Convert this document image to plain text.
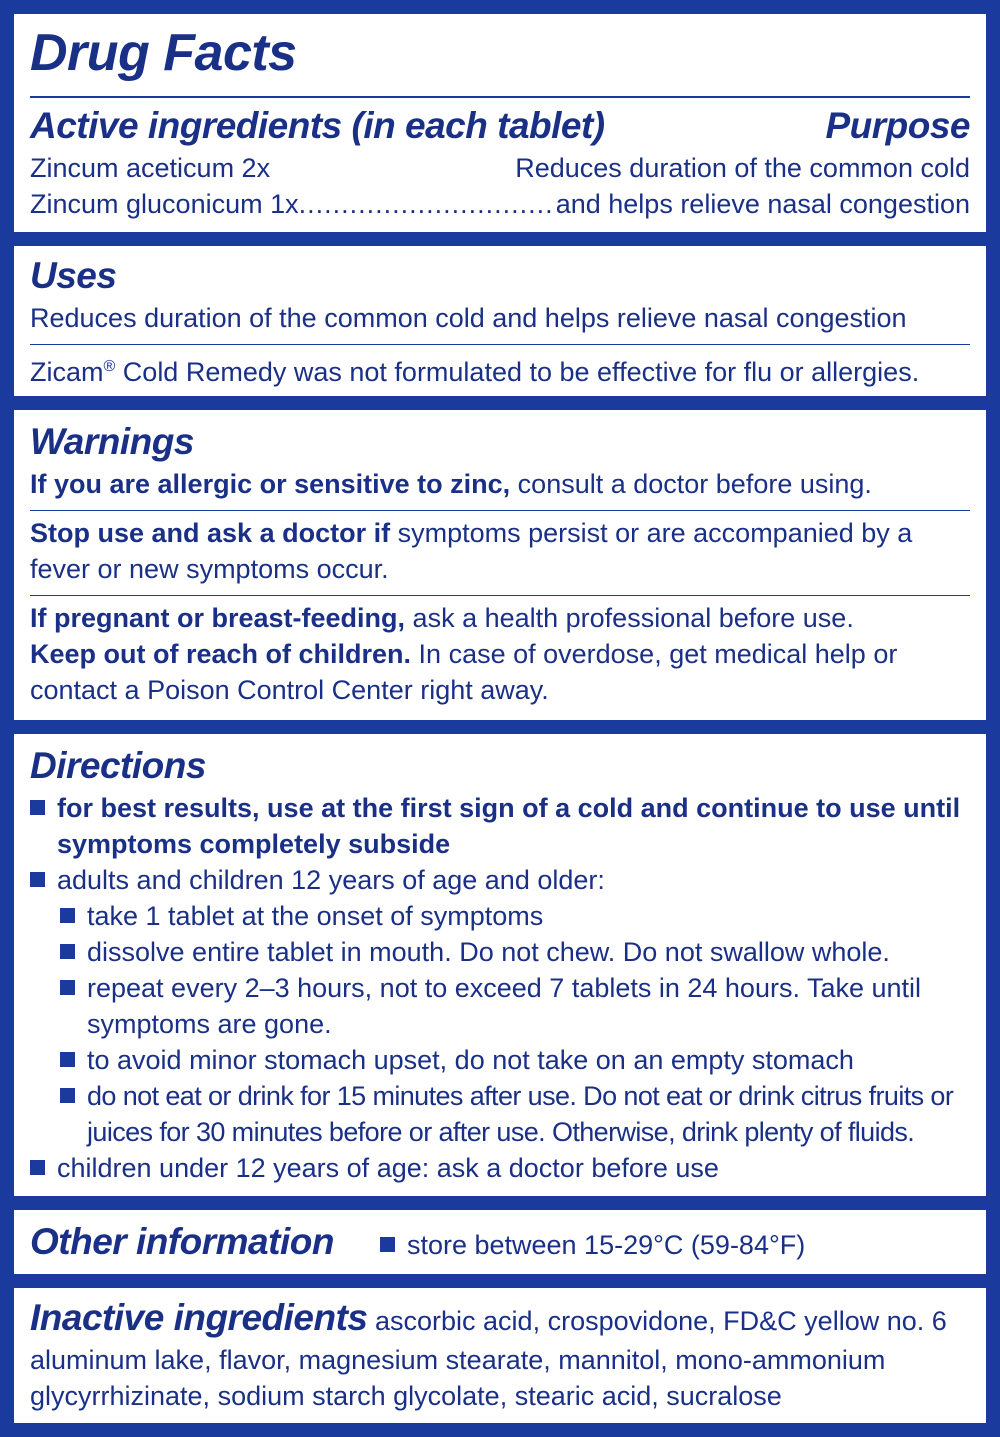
Drug Facts
Active ingredients (in each tablet)	Purpose
Zincum aceticum 2x	Reduces duration of the common cold
Zincum gluconicum 1x
.....	and helps relieve nasal congestion
Uses
Reduces duration of the common cold and helps relieve nasal congestion
Zicam® Cold Remedy was not formulated to be effective for flu or allergies.
Warnings
If you are allergic or sensitive to zinc, consult a doctor before using.
Stop use and ask a doctor if symptoms persist or are accompanied by a
fever or new symptoms occur.
If pregnant or breast-feeding, ask a health professional before use.
Keep out of reach of children. In case of overdose, get medical help or
contact a Poison Control Center right away.
Directions
for best results, use at the first sign of a cold and continue to use until
symptoms completely subside
adults and children 12 years of age and older:
take 1 tablet at the onset of symptoms
dissolve entire tablet in mouth. Do not chew. Do not swallow whole.
repeat every 2–3 hours, not to exceed 7 tablets in 24 hours. Take until
symptoms are gone.
to avoid minor stomach upset, do not take on an empty stomach
do not eat or drink for 15 minutes after use. Do not eat or drink citrus fruits or
juices for 30 minutes before or after use. Otherwise, drink plenty of fluids.
children under 12 years of age: ask a doctor before use
Other information	store between 15-29°C (59-84°F)
Inactive ingredients ascorbic acid, crospovidone, FD&C yellow no. 6
aluminum lake, flavor, magnesium stearate, mannitol, mono-ammonium
glycyrrhizinate, sodium starch glycolate, stearic acid, sucralose
